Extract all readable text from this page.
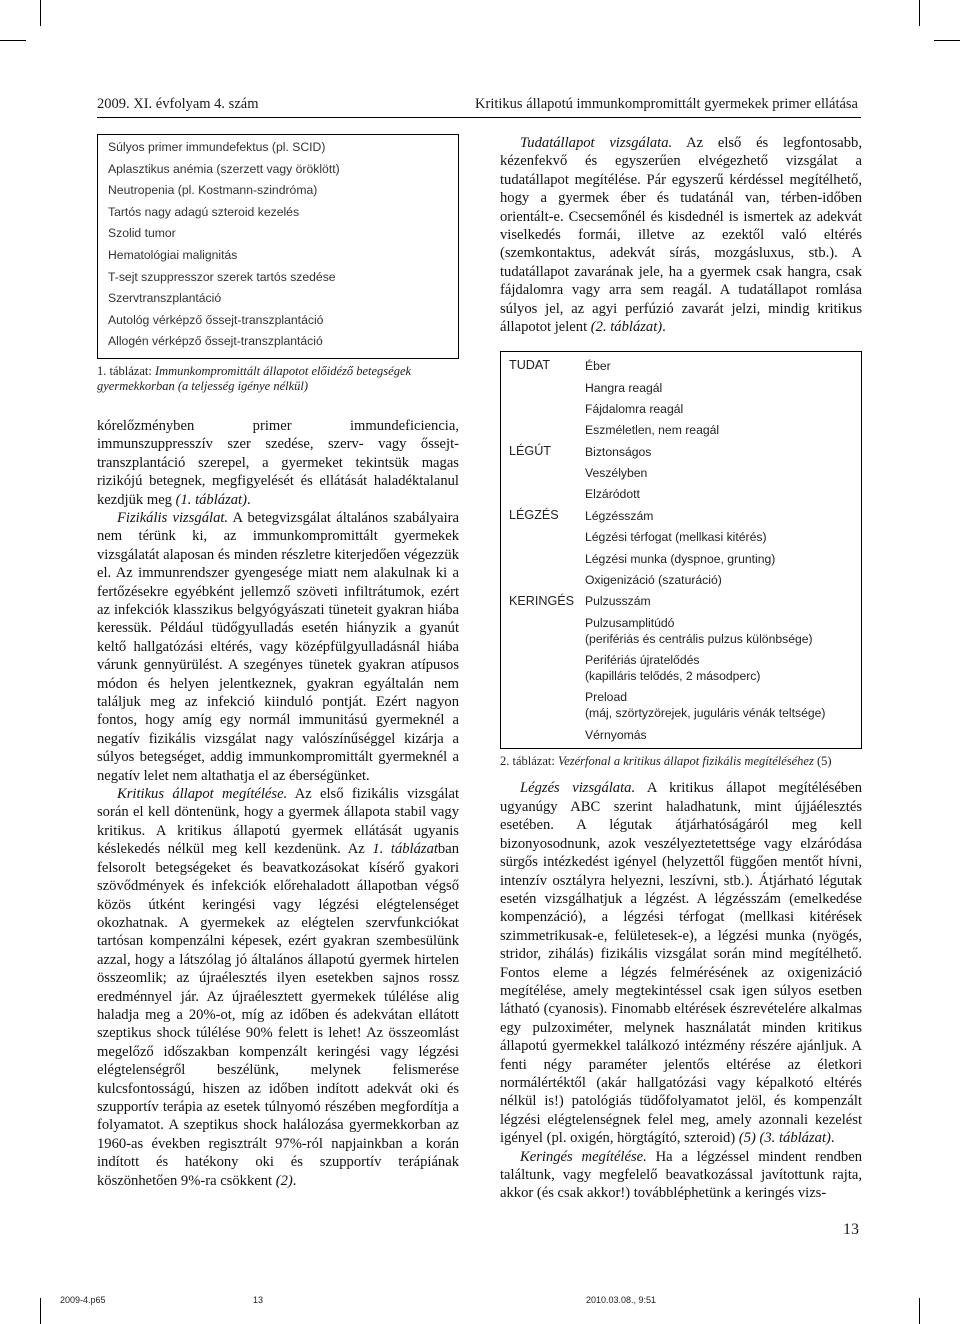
2009. XI. évfolyam 4. szám	Kritikus állapotú immunkompromittált gyermekek primer ellátása
Súlyos primer immundefektus (pl. SCID)
Aplasztikus anémia (szerzett vagy öröklött)
Neutropenia (pl. Kostmann-szindróma)
Tartós nagy adagú szteroid kezelés
Szolid tumor
Hematológiai malignitás
T-sejt szuppresszor szerek tartós szedése
Szervtranszplantáció
Autológ vérképző őssejt-transzplantáció
Allogén vérképző őssejt-transzplantáció
1. táblázat: Immunkompromittált állapotot előidéző betegségek gyermekkorban (a teljesség igénye nélkül)

kórelőzményben primer immundeficiencia, immunszuppresszív szer szedése, szerv- vagy őssejt-transzplantáció szerepel, a gyermeket tekintsük magas rizikójú betegnek, megfigyelését és ellátását haladéktalanul kezdjük meg (1. táblázat).

Fizikális vizsgálat. A betegvizsgálat általános szabályaira nem térünk ki, az immunkompromittált gyermekek vizsgálatát alaposan és minden részletre kiterjedően végezzük el. Az immunrendszer gyengesége miatt nem alakulnak ki a fertőzésekre egyébként jellemző szöveti infiltrátumok, ezért az infekciók klasszikus belgyógyászati tüneteit gyakran hiába keressük. Például tüdőgyulladás esetén hiányzik a gyanút keltő hallgatózási eltérés, vagy középfülgyulladásnál hiába várunk gennyürülést. A szegényes tünetek gyakran atípusos módon és helyen jelentkeznek, gyakran egyáltalán nem találjuk meg az infekció kiinduló pontját. Ezért nagyon fontos, hogy amíg egy normál immunitású gyermeknél a negatív fizikális vizsgálat nagy valószínűséggel kizárja a súlyos betegséget, addig immunkompromittált gyermeknél a negatív lelet nem altathatja el az éberségünket.

Kritikus állapot megítélése. Az első fizikális vizsgálat során el kell döntenünk, hogy a gyermek állapota stabil vagy kritikus. A kritikus állapotú gyermek ellátását ugyanis késlekedés nélkül meg kell kezdenünk. Az 1. táblázatban felsorolt betegségeket és beavatkozásokat kísérő gyakori szövődmények és infekciók előrehaladott állapotban végső közös útként keringési vagy légzési elégtelenséget okozhatnak. A gyermekek az elégtelen szervfunkciókat tartósan kompenzálni képesek, ezért gyakran szembesülünk azzal, hogy a látszólag jó általános állapotú gyermek hirtelen összeomlik; az újraélesztés ilyen esetekben sajnos rossz eredménnyel jár. Az újraélesztett gyermekek túlélése alig haladja meg a 20%-ot, míg az időben és adekvátan ellátott szeptikus shock túlélése 90% felett is lehet! Az összeomlást megelőző időszakban kompenzált keringési vagy légzési elégtelenségről beszélünk, melynek felismerése kulcsfontosságú, hiszen az időben indított adekvát oki és szupportív terápia az esetek túlnyomó részében megfordítja a folyamatot. A szeptikus shock halálozása gyermekkorban az 1960-as években regisztrált 97%-ról napjainkban a korán indított és hatékony oki és szupportív terápiának köszönhetően 9%-ra csökkent (2).

Tudatállapot vizsgálata. Az első és legfontosabb, kézenfekvő és egyszerűen elvégezhető vizsgálat a tudatállapot megítélése. Pár egyszerű kérdéssel megítélhető, hogy a gyermek éber és tudatánál van, térben-időben orientált-e. Csecsemőnél és kisdednél is ismertek az adekvát viselkedés formái, illetve az ezektől való eltérés (szemkontaktus, adekvát sírás, mozgásluxus, stb.). A tudatállapot zavarának jele, ha a gyermek csak hangra, csak fájdalomra vagy arra sem reagál. A tudatállapot romlása súlyos jel, az agyi perfúzió zavarát jelzi, mindig kritikus állapotot jelent (2. táblázat).

TUDAT	Éber
Hangra reagál
Fájdalomra reagál
Eszméletlen, nem reagál
LÉGÚT	Biztonságos
Veszélyben
Elzáródott
LÉGZÉS	Légzésszám
Légzési térfogat (mellkasi kitérés)
Légzési munka (dyspnoe, grunting)
Oxigenizáció (szaturáció)
KERINGÉS Pulzusszám
Pulzusamplitúdó
(perifériás és centrális pulzus különbsége)
Perifériás újratelődés
(kapilláris telődés, 2 másodperc)
Preload
(máj, szörtyzörejek, juguláris vénák teltsége)
Vérnyomás
2. táblázat: Vezérfonal a kritikus állapot fizikális megítéléséhez (5)

Légzés vizsgálata. A kritikus állapot megítélésében ugyanúgy ABC szerint haladhatunk, mint újjáélesztés esetében. A légutak átjárhatóságáról meg kell bizonyosodnunk, azok veszélyeztetettsége vagy elzáródása sürgős intézkedést igényel (helyzettől függően mentőt hívni, intenzív osztályra helyezni, leszívni, stb.). Átjárható légutak esetén vizsgálhatjuk a légzést. A légzésszám (emelkedése kompenzáció), a légzési térfogat (mellkasi kitérések szimmetrikusak-e, felületesek-e), a légzési munka (nyögés, stridor, zihálás) fizikális vizsgálat során mind megítélhető. Fontos eleme a légzés felmérésének az oxigenizáció megítélése, amely megtekintéssel csak igen súlyos esetben látható (cyanosis). Finomabb eltérések észrevételére alkalmas egy pulzoximéter, melynek használatát minden kritikus állapotú gyermekkel találkozó intézmény részére ajánljuk. A fenti négy paraméter jelentős eltérése az életkori normálértéktől (akár hallgatózási vagy képalkotó eltérés nélkül is!) patológiás tüdőfolyamatot jelöl, és kompenzált légzési elégtelenségnek felel meg, amely azonnali kezelést igényel (pl. oxigén, hörgtágító, szteroid) (5) (3. táblázat).

Keringés megítélése. Ha a légzéssel mindent rendben találtunk, vagy megfelelő beavatkozással javítottunk rajta, akkor (és csak akkor!) továbbléphetünk a keringés vizs-

13
2009-4.p65	13	2010.03.08., 9:51
